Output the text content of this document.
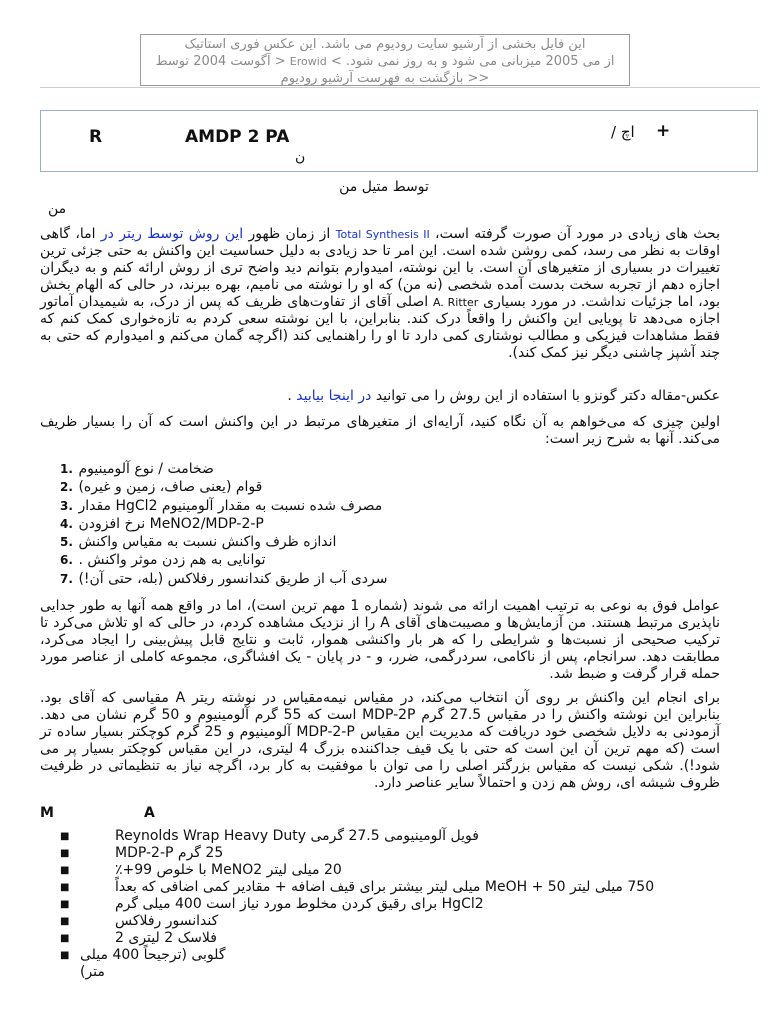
این فایل بخشی از آرشیو سایت رودیوم می باشد. این عکس فوری استاتیک
از می 2005 میزبانی می شود و به روز نمی شود. > Erowid < آگوست 2004 توسط
<< بازگشت به فهرست آرشیو رودیوم
R	AMDP 2 PA
ن
اچ / +
توسط متیل من
من
بحث های زیادی در مورد آن صورت گرفته است، Total Synthesis II از زمان ظهور این روش توسط ریتر در اما، گاهی اوقات به نظر می رسد، کمی روشن شده است. این امر تا حد زیادی به دلیل حساسیت این واکنش به حتی جزئی ترین تغییرات در بسیاری از متغیرهای آن است. با این نوشته، امیدوارم بتوانم دید واضح تری از روش ارائه کنم و به دیگران اجازه دهم از تجربه سخت بدست آمده شخصی (نه من) که او را نوشته می نامیم، بهره ببرند، در حالی که الهام بخش بود، اما جزئیات نداشت. در مورد بسیاری A. Ritter اصلی آقای از تفاوت‌های ظریف که پس از درک، به شیمیدان آماتور اجازه می‌دهد تا پویایی این واکنش را واقعاً درک کند. بنابراین، با این نوشته سعی کردم به تازه‌خواری کمک کنم که فقط مشاهدات فیزیکی و مطالب نوشتاری کمی دارد تا او را راهنمایی کند (اگرچه گمان می‌کنم و امیدوارم که حتی به چند آشپز چاشنی دیگر نیز کمک کند).
عکس-مقاله دکتر گونزو با استفاده از این روش را می توانید در اینجا بیابید .
اولین چیزی که می‌خواهم به آن نگاه کنید، آرایه‌ای از متغیرهای مرتبط در این واکنش است که آن را بسیار ظریف می‌کند. آنها به شرح زیر است:
1. ضخامت / نوع آلومینیوم
2. قوام (یعنی صاف، زمین و غیره)
3. مصرف شده نسبت به مقدار آلومینیوم HgCl2 مقدار
4. MeNO2/MDP-2-P نرخ افزودن
5. اندازه ظرف واکنش نسبت به مقیاس واکنش
6. توانایی به هم زدن موثر واکنش .
7. سردی آب از طریق کندانسور رفلاکس (بله، حتی آن!)
عوامل فوق به نوعی به ترتیب اهمیت ارائه می شوند (شماره 1 مهم ترین است)، اما در واقع همه آنها به طور جدایی ناپذیری مرتبط هستند. من آزمایش‌ها و مصیبت‌های آقای A را از نزدیک مشاهده کردم، در حالی که او تلاش می‌کرد تا ترکیب صحیحی از نسبت‌ها و شرایطی را که هر بار واکنشی هموار، ثابت و نتایج قابل پیش‌بینی را ایجاد می‌کرد، مطابقت دهد. سرانجام، پس از ناکامی، سردرگمی، ضرر، و - در پایان - یک افشاگری، مجموعه کاملی از عناصر مورد حمله قرار گرفت و ضبط شد.
برای انجام این واکنش بر روی آن انتخاب می‌کند، در مقیاس نیمه‌مقیاس در نوشته ریتر A مقیاسی که آقای بود. بنابراین این نوشته واکنش را در مقیاس 27.5 گرم MDP-2P است که 55 گرم آلومینیوم و 50 گرم نشان می دهد. آزمودنی به دلایل شخصی خود دریافت که مدیریت این مقیاس MDP-2-P آلومینیوم و 25 گرم کوچکتر بسیار ساده تر است (که مهم ترین آن این است که حتی با یک قیف جداکننده بزرگ 4 لیتری، در این مقیاس کوچکتر بسیار پر می شود!). شکی نیست که مقیاس بزرگتر اصلی را می توان با موفقیت به کار برد، اگرچه نیاز به تنظیماتی در ظرفیت ظروف شیشه ای، روش هم زدن و احتمالاً سایر عناصر دارد.
M	A
■	فویل آلومینیومی 27.5 گرمی Reynolds Wrap Heavy Duty
■	25 گرم MDP-2-P
■	20 میلی لیتر MeNO2 با خلوص 99+٪
■	750 میلی لیتر MeOH + 50 میلی لیتر بیشتر برای قیف اضافه + مقادیر کمی اضافی که بعداً
■	HgCl2 برای رقیق کردن مخلوط مورد نیاز است 400 میلی گرم
■	کندانسور رفلاکس
■	فلاسک 2 لیتری 2
■ گلوبی (ترجیحاً 400 میلی
متر)
